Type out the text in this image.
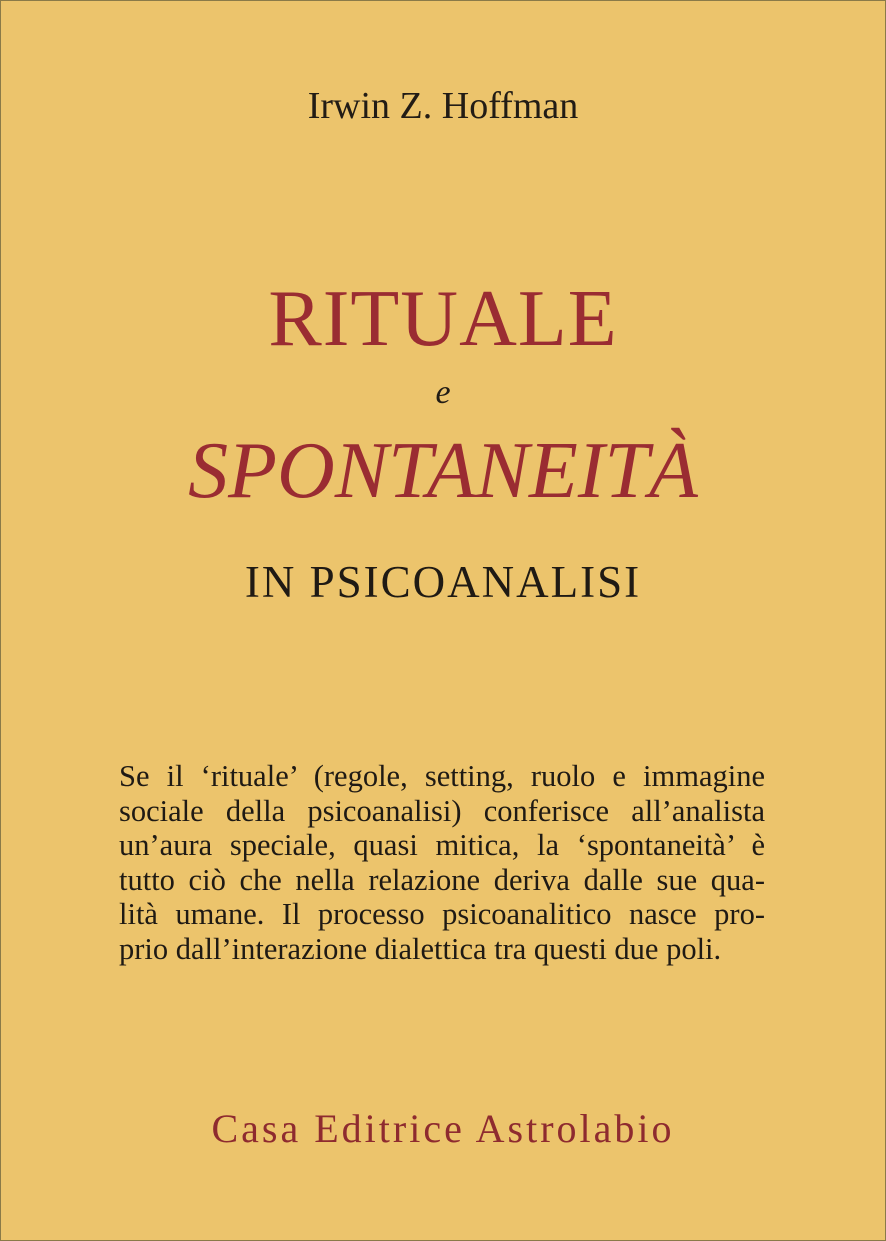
Irwin Z. Hoffman
RITUALE
e
SPONTANEITÀ
IN PSICOANALISI
Se il ‘rituale’ (regole, setting, ruolo e immagine
sociale della psicoanalisi) conferisce all’analista
un’aura speciale, quasi mitica, la ‘spontaneità’ è
tutto ciò che nella relazione deriva dalle sue qua-
lità umane. Il processo psicoanalitico nasce pro-
prio dall’interazione dialettica tra questi due poli.
Casa Editrice Astrolabio
